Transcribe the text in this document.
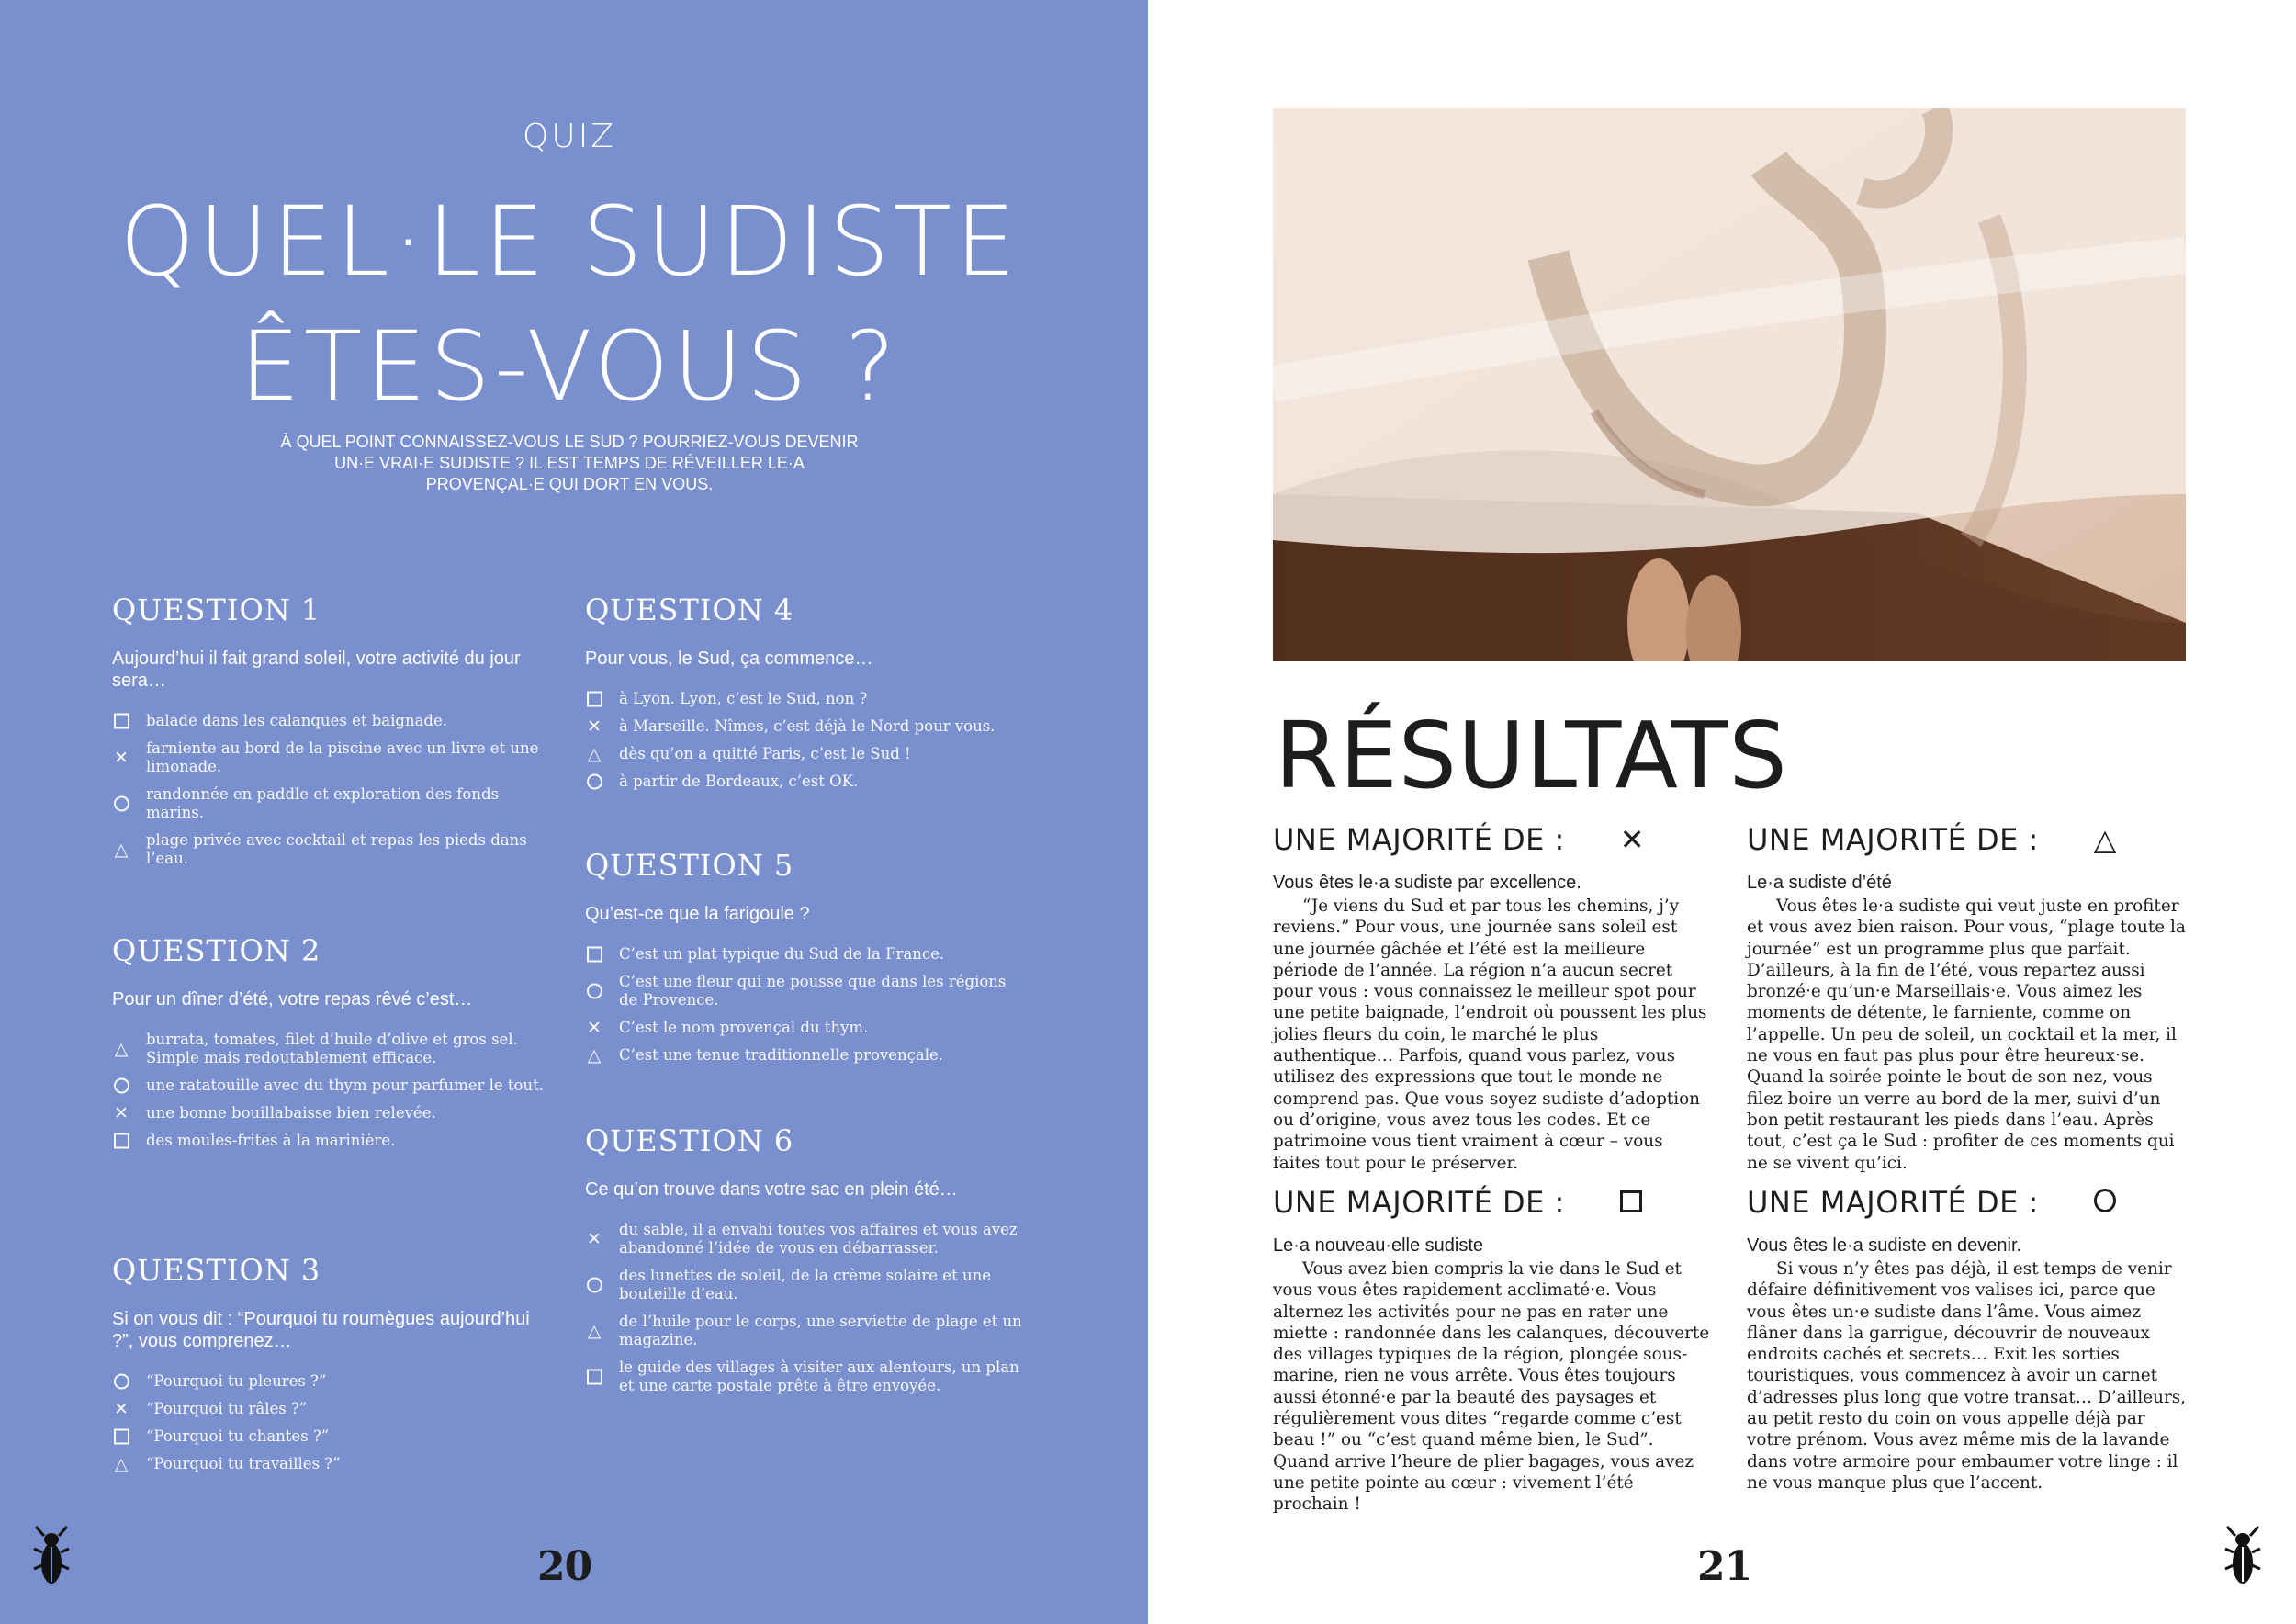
QUIZ
QUEL·LE SUDISTE
ÊTES-VOUS ?
À QUEL POINT CONNAISSEZ-VOUS LE SUD ? POURRIEZ-VOUS DEVENIR UN·E VRAI·E SUDISTE ? IL EST TEMPS DE RÉVEILLER LE·A PROVENÇAL·E QUI DORT EN VOUS.
QUESTION 1
Aujourd’hui il fait grand soleil, votre activité du jour sera…
balade dans les calanques et baignade.
✕ farniente au bord de la piscine avec un livre et une limonade.
randonnée en paddle et exploration des fonds marins.
△ plage privée avec cocktail et repas les pieds dans l’eau.
QUESTION 2
Pour un dîner d’été, votre repas rêvé c’est…
△ burrata, tomates, filet d’huile d’olive et gros sel. Simple mais redoutablement efficace.
une ratatouille avec du thym pour parfumer le tout.
✕ une bonne bouillabaisse bien relevée.
des moules-frites à la marinière.
QUESTION 3
Si on vous dit : “Pourquoi tu roumègues aujourd’hui ?”, vous comprenez…
“Pourquoi tu pleures ?”
✕ “Pourquoi tu râles ?”
“Pourquoi tu chantes ?”
△ “Pourquoi tu travailles ?”
QUESTION 4
Pour vous, le Sud, ça commence…
à Lyon. Lyon, c’est le Sud, non ?
✕ à Marseille. Nîmes, c’est déjà le Nord pour vous.
△ dès qu’on a quitté Paris, c’est le Sud !
à partir de Bordeaux, c’est OK.
QUESTION 5
Qu’est-ce que la farigoule ?
C’est un plat typique du Sud de la France.
C’est une fleur qui ne pousse que dans les régions de Provence.
✕ C’est le nom provençal du thym.
△ C’est une tenue traditionnelle provençale.
QUESTION 6
Ce qu’on trouve dans votre sac en plein été…
✕ du sable, il a envahi toutes vos affaires et vous avez abandonné l’idée de vous en débarrasser.
des lunettes de soleil, de la crème solaire et une bouteille d’eau.
△ de l’huile pour le corps, une serviette de plage et un magazine.
le guide des villages à visiter aux alentours, un plan et une carte postale prête à être envoyée.
20
RÉSULTATS
UNE MAJORITÉ DE : ✕
Vous êtes le·a sudiste par excellence.

“Je viens du Sud et par tous les chemins, j’y reviens.” Pour vous, une journée sans soleil est une journée gâchée et l’été est la meilleure période de l’année. La région n’a aucun secret pour vous : vous connaissez le meilleur spot pour une petite baignade, l’endroit où poussent les plus jolies fleurs du coin, le marché le plus authentique… Parfois, quand vous parlez, vous utilisez des expressions que tout le monde ne comprend pas. Que vous soyez sudiste d’adoption ou d’origine, vous avez tous les codes. Et ce patrimoine vous tient vraiment à cœur – vous faites tout pour le préserver.

UNE MAJORITÉ DE : △
Le·a sudiste d’été

Vous êtes le·a sudiste qui veut juste en profiter et vous avez bien raison. Pour vous, “plage toute la journée” est un programme plus que parfait. D’ailleurs, à la fin de l’été, vous repartez aussi bronzé·e qu’un·e Marseillais·e. Vous aimez les moments de détente, le farniente, comme on l’appelle. Un peu de soleil, un cocktail et la mer, il ne vous en faut pas plus pour être heureux·se. Quand la soirée pointe le bout de son nez, vous filez boire un verre au bord de la mer, suivi d’un bon petit restaurant les pieds dans l’eau. Après tout, c’est ça le Sud : profiter de ces moments qui ne se vivent qu’ici.

UNE MAJORITÉ DE :
Le·a nouveau·elle sudiste

Vous avez bien compris la vie dans le Sud et vous vous êtes rapidement acclimaté·e. Vous alternez les activités pour ne pas en rater une miette : randonnée dans les calanques, découverte des villages typiques de la région, plongée sous-marine, rien ne vous arrête. Vous êtes toujours aussi étonné·e par la beauté des paysages et régulièrement vous dites “regarde comme c’est beau !” ou “c’est quand même bien, le Sud”. Quand arrive l’heure de plier bagages, vous avez une petite pointe au cœur : vivement l’été prochain !

UNE MAJORITÉ DE :
Vous êtes le·a sudiste en devenir.

Si vous n’y êtes pas déjà, il est temps de venir défaire définitivement vos valises ici, parce que vous êtes un·e sudiste dans l’âme. Vous aimez flâner dans la garrigue, découvrir de nouveaux endroits cachés et secrets… Exit les sorties touristiques, vous commencez à avoir un carnet d’adresses plus long que votre transat… D’ailleurs, au petit resto du coin on vous appelle déjà par votre prénom. Vous avez même mis de la lavande dans votre armoire pour embaumer votre linge : il ne vous manque plus que l’accent.

21
